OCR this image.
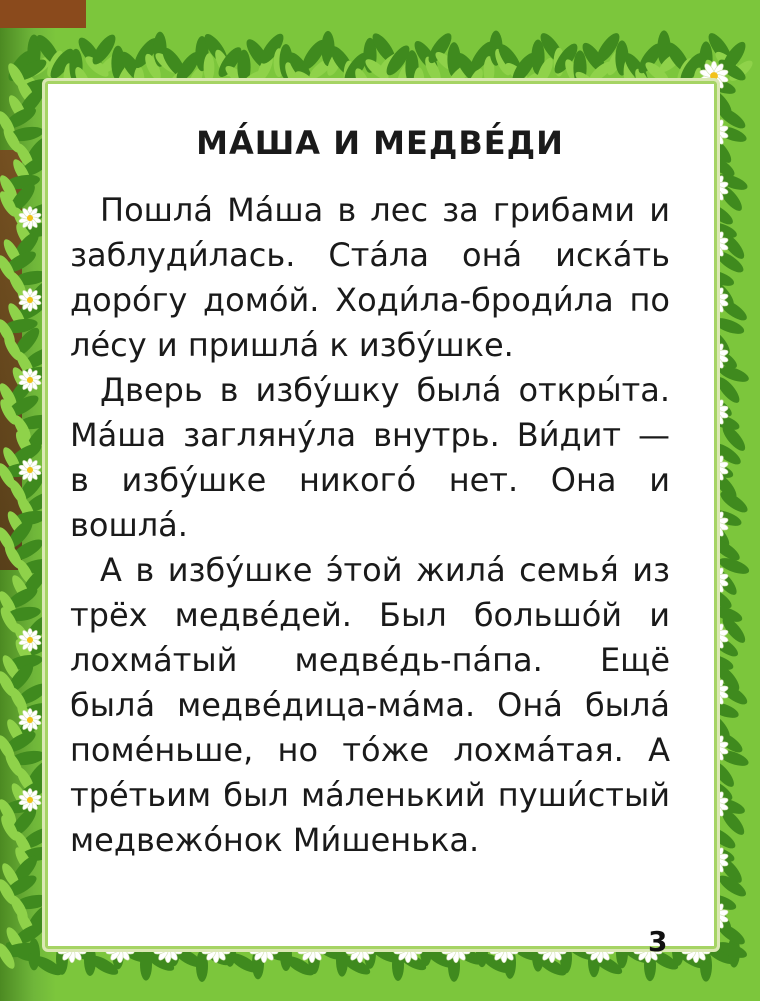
МА́ША И МЕДВЕ́ДИ

Пошла́ Ма́ша в лес за грибами и заблуди́лась. Ста́ла она́ иска́ть доро́гу домо́й. Ходи́ла-броди́ла по ле́су и пришла́ к избу́шке.

Дверь в избу́шку была́ откры́та. Ма́ша загляну́ла внутрь. Ви́дит — в избу́шке никого́ нет. Она и вошла́.

А в избу́шке э́той жила́ семья́ из трёх медве́дей. Был большо́й и лохма́тый медве́дь-па́па. Ещё была́ медве́дица-ма́ма. Она́ была́ поме́ньше, но то́же лохма́тая. А тре́тьим был ма́ленький пуши́стый медвежо́нок Ми́шенька.

3
